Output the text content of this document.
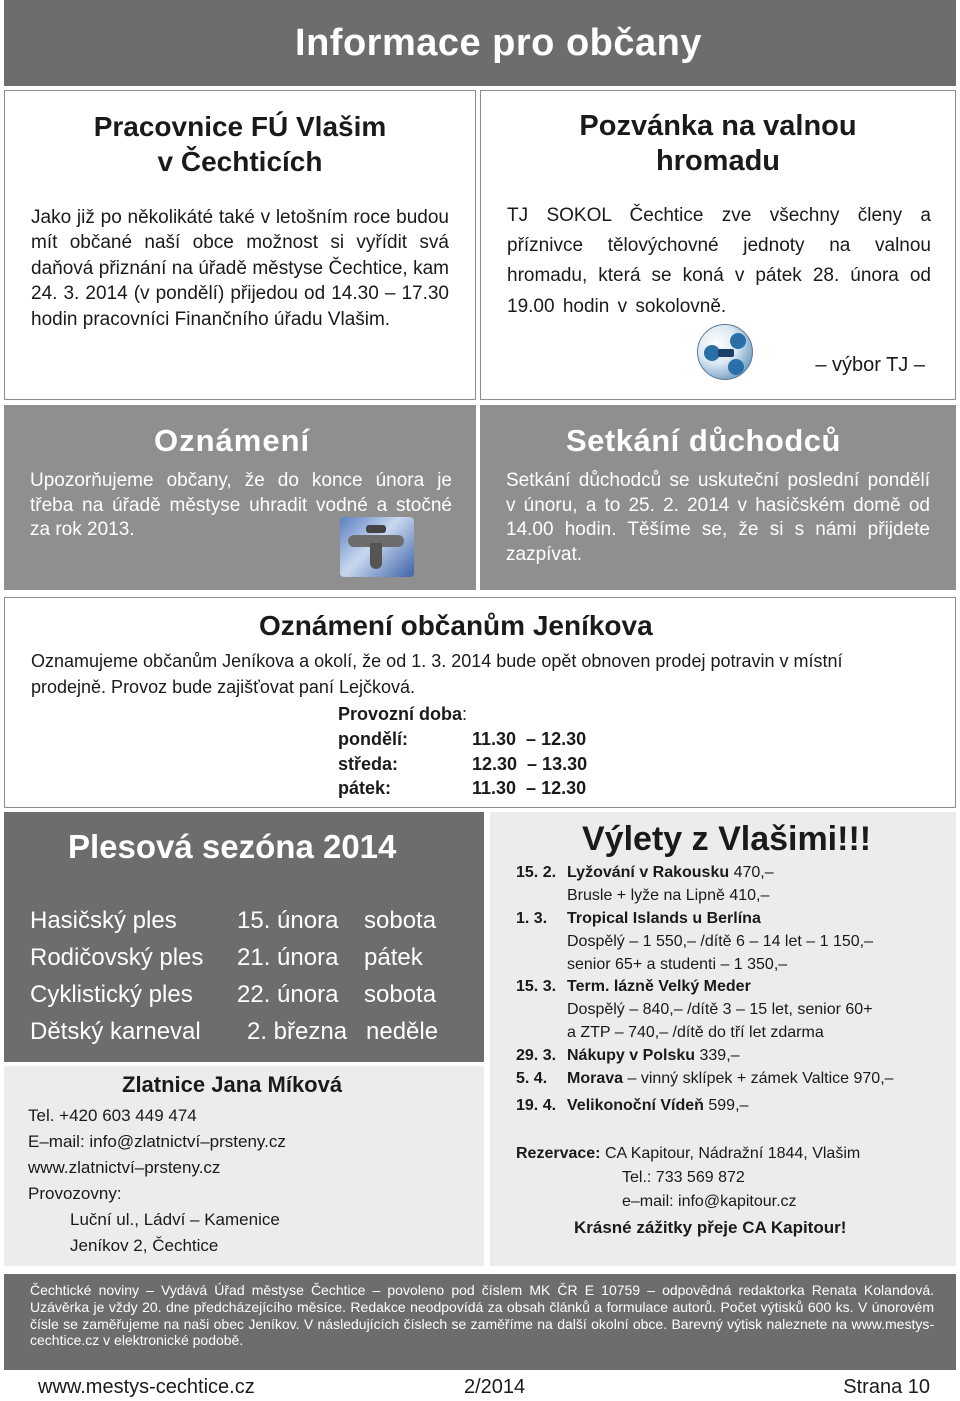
Informace pro občany
Pracovnice FÚ Vlašim
v Čechticích

Jako již po několikáté také v letošním roce budou mít občané naší obce možnost si vyřídit svá daňová přiznání na úřadě městyse Čechtice, kam 24. 3. 2014 (v pondělí) přijedou od 14.30 – 17.30 hodin pracovníci Finančního úřadu Vlašim.

Pozvánka na valnou
hromadu

TJ SOKOL Čechtice zve všechny členy a příznivce tělovýchovné jednoty na valnou hromadu, která se koná v pátek 28. února od 19.00 hodin v sokolovně.

– výbor TJ –
Oznámení

Upozorňujeme občany, že do konce února je třeba na úřadě městyse uhradit vodné a stočné za rok 2013.

Setkání důchodců

Setkání důchodců se uskuteční poslední pondělí v únoru, a to 25. 2. 2014 v hasičském domě od 14.00 hodin. Těšíme se, že si s námi přijdete zazpívat.

Oznámení občanům Jeníkova

Oznamujeme občanům Jeníkova a okolí, že od 1. 3. 2014 bude opět obnoven prodej potravin v místní prodejně. Provoz bude zajišťovat paní Lejčková.

Provozní doba:
pondělí:	11.30  – 12.30
středa:	12.30  – 13.30
pátek:	11.30  – 12.30
Plesová sezóna 2014
Hasičský ples	15. února	sobota
Rodičovský ples	21. února	pátek
Cyklistický ples	22. února	sobota
Dětský karneval	2. března	neděle
Zlatnice Jana Míková
Tel. +420 603 449 474
E–mail: info@zlatnictví–prsteny.cz
www.zlatnictví–prsteny.cz
Provozovny:
Luční ul., Ládví – Kamenice
Jeníkov 2, Čechtice
Výlety z Vlašimi!!!
15. 2. Lyžování v Rakousku 470,–
Brusle + lyže na Lipně 410,–
1. 3.	Tropical Islands u Berlína
Dospělý – 1 550,– /dítě 6 – 14 let – 1 150,–
senior 65+ a studenti – 1 350,–
15. 3. Term. lázně Velký Meder
Dospělý – 840,– /dítě 3 – 15 let, senior 60+
a ZTP – 740,– /dítě do tří let zdarma
29. 3. Nákupy v Polsku 339,–
5. 4.	Morava – vinný sklípek + zámek Valtice 970,–
19. 4. Velikonoční Vídeň 599,–
Rezervace: CA Kapitour, Nádražní 1844, Vlašim
Tel.: 733 569 872
e–mail: info@kapitour.cz
Krásné zážitky přeje CA Kapitour!

Čechtické noviny – Vydává Úřad městyse Čechtice – povoleno pod číslem MK ČR E 10759 – odpovědná redaktorka Renata Kolandová. Uzávěrka je vždy 20. dne předcházejícího měsíce. Redakce neodpovídá za obsah článků a formulace autorů. Počet výtisků 600 ks. V únorovém čísle se zaměřujeme na naši obec Jeníkov. V následujících číslech se zaměříme na další okolní obce. Barevný výtisk naleznete na www.mestys-cechtice.cz v elektronické podobě.

www.mestys-cechtice.cz	2/2014	Strana 10
